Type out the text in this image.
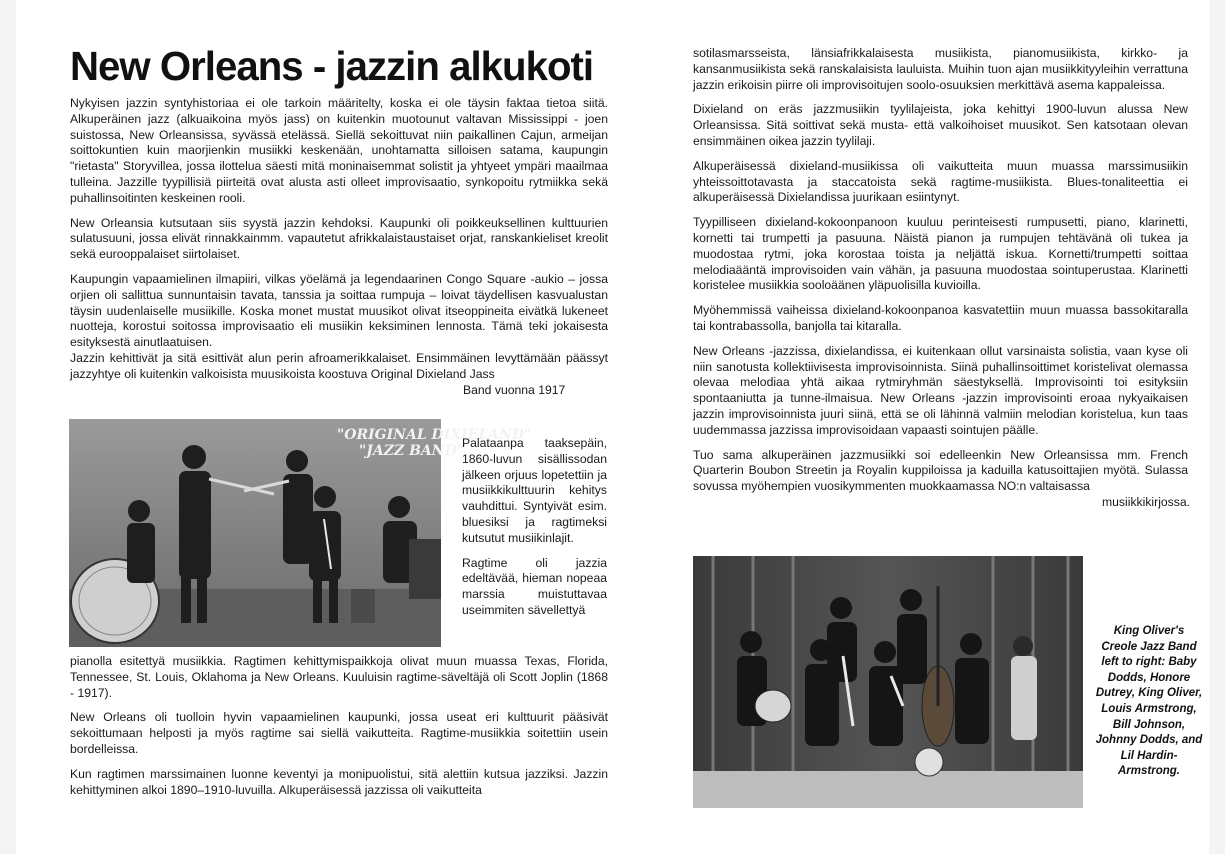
New Orleans - jazzin alkukoti

Nykyisen jazzin syntyhistoriaa ei ole tarkoin määritelty, koska ei ole täysin faktaa tietoa siitä. Alkuperäinen jazz (alkuaikoina myös jass) on kuitenkin muotounut valtavan Mississippi - joen suistossa, New Orleansissa, syvässä etelässä. Siellä sekoittuvat niin paikallinen Cajun, armeijan soittokuntien kuin maorjienkin musiikki keskenään, unohtamatta silloisen satama, kaupungin "rietasta" Storyvillea, jossa ilottelua säesti mitä moninaisemmat solistit ja yhtyeet ympäri maailmaa tulleina. Jazzille tyypillisiä piirteitä ovat alusta asti olleet improvisaatio, synkopoitu rytmiikka sekä puhallinsoitinten keskeinen rooli.

New Orleansia kutsutaan siis syystä jazzin kehdoksi. Kaupunki oli poikkeuksellinen kulttuurien sulatusuuni, jossa elivät rinnakkainmm. vapautetut afrikkalaistaustaiset orjat, ranskankieliset kreolit sekä eurooppalaiset siirtolaiset.

Kaupungin vapaamielinen ilmapiiri, vilkas yöelämä ja legendaarinen Congo Square -aukio – jossa orjien oli sallittua sunnuntaisin tavata, tanssia ja soittaa rumpuja – loivat täydellisen kasvualustan täysin uudenlaiselle musiikille. Koska monet mustat muusikot olivat itseoppineita eivätkä lukeneet nuotteja, korostui soitossa improvisaatio eli musiikin keksiminen lennosta. Tämä teki jokaisesta esityksestä ainutlaatuisen.

Jazzin kehittivät ja sitä esittivät alun perin afroamerikkalaiset. Ensimmäinen levyttämään päässyt jazzyhtye oli kuitenkin valkoisista muusikoista koostuva Original Dixieland Jass

Band vuonna 1917
"ORIGINAL DIXIELAND"
"JAZZ BAND"

Palataanpa taaksepäin, 1860-luvun sisällissodan jälkeen orjuus lopetettiin ja musiikkikulttuurin kehitys vauhdittui. Syntyivät esim. bluesiksi ja ragtimeksi kutsutut musiikinlajit.

Ragtime oli jazzia edeltävää, hieman nopeaa marssia muistuttavaa useimmiten sävellettyä

pianolla esitettyä musiikkia. Ragtimen kehittymispaikkoja olivat muun muassa Texas, Florida, Tennessee, St. Louis, Oklahoma ja New Orleans. Kuuluisin ragtime-säveltäjä oli Scott Joplin (1868 - 1917).

New Orleans oli tuolloin hyvin vapaamielinen kaupunki, jossa useat eri kulttuurit pääsivät sekoittumaan helposti ja myös ragtime sai siellä vaikutteita. Ragtime-musiikkia soitettiin usein bordelleissa.

Kun ragtimen marssimainen luonne keventyi ja monipuolistui, sitä alettiin kutsua jazziksi. Jazzin kehittyminen alkoi 1890–1910-luvuilla. Alkuperäisessä jazzissa oli vaikutteita

sotilasmarsseista, länsiafrikkalaisesta musiikista, pianomusiikista, kirkko- ja kansanmusiikista sekä ranskalaisista lauluista. Muihin tuon ajan musiikkityyleihin verrattuna jazzin erikoisin piirre oli improvisoitujen soolo-osuuksien merkittävä asema kappaleissa.

Dixieland on eräs jazzmusiikin tyylilajeista, joka kehittyi 1900-luvun alussa New Orleansissa. Sitä soittivat sekä musta- että valkoihoiset muusikot. Sen katsotaan olevan ensimmäinen oikea jazzin tyylilaji.

Alkuperäisessä dixieland-musiikissa oli vaikutteita muun muassa marssimusiikin yhteissoittotavasta ja staccatoista sekä ragtime-musiikista. Blues-tonaliteettia ei alkuperäisessä Dixielandissa juurikaan esiintynyt.

Tyypilliseen dixieland-kokoonpanoon kuuluu perinteisesti rumpusetti, piano, klarinetti, kornetti tai trumpetti ja pasuuna. Näistä pianon ja rumpujen tehtävänä oli tukea ja muodostaa rytmi, joka korostaa toista ja neljättä iskua. Kornetti/trumpetti soittaa melodiaääntä improvisoiden vain vähän, ja pasuuna muodostaa sointuperustaa. Klarinetti koristelee musiikkia sooloäänen yläpuolisilla kuvioilla.

Myöhemmissä vaiheissa dixieland-kokoonpanoa kasvatettiin muun muassa bassokitaralla tai kontrabassolla, banjolla tai kitaralla.

New Orleans -jazzissa, dixielandissa, ei kuitenkaan ollut varsinaista solistia, vaan kyse oli niin sanotusta kollektiivisesta improvisoinnista. Siinä puhallinsoittimet koristelivat olemassa olevaa melodiaa yhtä aikaa rytmiryhmän säestyksellä. Improvisointi toi esityksiin spontaaniutta ja tunne-ilmaisua. New Orleans -jazzin improvisointi eroaa nykyaikaisen jazzin improvisoinnista juuri siinä, että se oli lähinnä valmiin melodian koristelua, kun taas uudemmassa jazzissa improvisoidaan vapaasti sointujen päälle.

Tuo sama alkuperäinen jazzmusiikki soi edelleenkin New Orleansissa mm. French Quarterin Boubon Streetin ja Royalin kuppiloissa ja kaduilla katusoittajien myötä. Sulassa sovussa myöhempien vuosikymmenten muokkaamassa NO:n valtaisassa

musiikkikirjossa.
King Oliver's Creole Jazz Band left to right: Baby Dodds, Honore Dutrey, King Oliver, Louis Armstrong, Bill Johnson, Johnny Dodds, and Lil Hardin-Armstrong.
